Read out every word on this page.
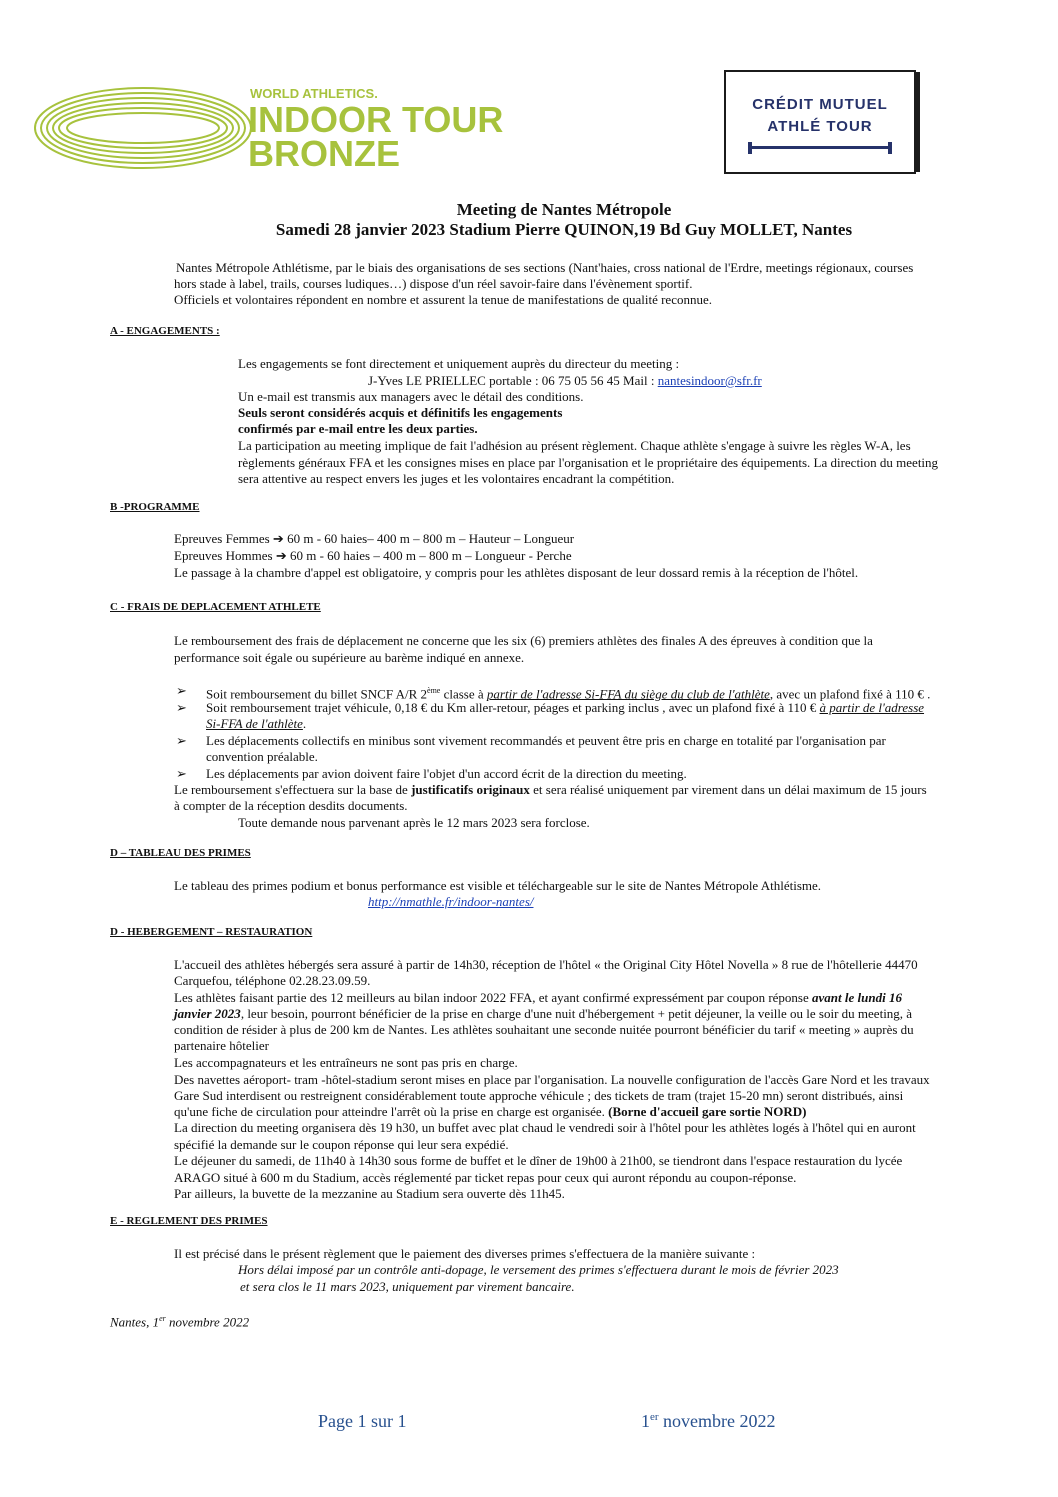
WORLD ATHLETICS.
INDOOR TOUR
BRONZE
CRÉDIT MUTUEL
ATHLÉ TOUR
Meeting de Nantes Métropole
Samedi 28 janvier 2023 Stadium Pierre QUINON,19 Bd Guy MOLLET, Nantes
Nantes Métropole Athlétisme, par le biais des organisations de ses sections (Nant'haies, cross national de l'Erdre, meetings régionaux, courses
hors stade à label, trails, courses ludiques…) dispose d'un réel savoir-faire dans l'évènement sportif.
Officiels et volontaires répondent en nombre et assurent la tenue de manifestations de qualité reconnue.
A - ENGAGEMENTS :
Les engagements se font directement et uniquement auprès du directeur du meeting :
J-Yves LE PRIELLEC portable : 06 75 05 56 45 Mail : nantesindoor@sfr.fr
Un e-mail est transmis aux managers avec le détail des conditions.
Seuls seront considérés acquis et définitifs les engagements
confirmés par e-mail entre les deux parties.
La participation au meeting implique de fait l'adhésion au présent règlement. Chaque athlète s'engage à suivre les règles W-A, les
règlements généraux FFA et les consignes mises en place par l'organisation et le propriétaire des équipements. La direction du meeting
sera attentive au respect envers les juges et les volontaires encadrant la compétition.
B -PROGRAMME
Epreuves Femmes ➔ 60 m - 60 haies– 400 m – 800 m – Hauteur – Longueur
Epreuves Hommes ➔ 60 m - 60 haies – 400 m – 800 m – Longueur - Perche
Le passage à la chambre d'appel est obligatoire, y compris pour les athlètes disposant de leur dossard remis à la réception de l'hôtel.
C - FRAIS DE DEPLACEMENT ATHLETE
Le remboursement des frais de déplacement ne concerne que les six (6) premiers athlètes des finales A des épreuves à condition que la
performance soit égale ou supérieure au barème indiqué en annexe.
➢ Soit remboursement du billet SNCF A/R 2ème classe à partir de l'adresse Si-FFA du siège du club de l'athlète, avec un plafond fixé à 110 € .
➢ Soit remboursement trajet véhicule, 0,18 € du Km aller-retour, péages et parking inclus , avec un plafond fixé à 110 € à partir de l'adresse
Si-FFA de l'athlète.
➢ Les déplacements collectifs en minibus sont vivement recommandés et peuvent être pris en charge en totalité par l'organisation par
convention préalable.
➢ Les déplacements par avion doivent faire l'objet d'un accord écrit de la direction du meeting.
Le remboursement s'effectuera sur la base de justificatifs originaux et sera réalisé uniquement par virement dans un délai maximum de 15 jours
à compter de la réception desdits documents.
Toute demande nous parvenant après le 12 mars 2023 sera forclose.
D – TABLEAU DES PRIMES
Le tableau des primes podium et bonus performance est visible et téléchargeable sur le site de Nantes Métropole Athlétisme.
http://nmathle.fr/indoor-nantes/
D - HEBERGEMENT – RESTAURATION
L'accueil des athlètes hébergés sera assuré à partir de 14h30, réception de l'hôtel « the Original City Hôtel Novella » 8 rue de l'hôtellerie 44470
Carquefou, téléphone 02.28.23.09.59.
Les athlètes faisant partie des 12 meilleurs au bilan indoor 2022 FFA, et ayant confirmé expressément par coupon réponse avant le lundi 16
janvier 2023, leur besoin, pourront bénéficier de la prise en charge d'une nuit d'hébergement + petit déjeuner, la veille ou le soir du meeting, à
condition de résider à plus de 200 km de Nantes. Les athlètes souhaitant une seconde nuitée pourront bénéficier du tarif « meeting » auprès du
partenaire hôtelier
Les accompagnateurs et les entraîneurs ne sont pas pris en charge.
Des navettes aéroport- tram -hôtel-stadium seront mises en place par l'organisation. La nouvelle configuration de l'accès Gare Nord et les travaux
Gare Sud interdisent ou restreignent considérablement toute approche véhicule ; des tickets de tram (trajet 15-20 mn) seront distribués, ainsi
qu'une fiche de circulation pour atteindre l'arrêt où la prise en charge est organisée. (Borne d'accueil gare sortie NORD)
La direction du meeting organisera dès 19 h30, un buffet avec plat chaud le vendredi soir à l'hôtel pour les athlètes logés à l'hôtel qui en auront
spécifié la demande sur le coupon réponse qui leur sera expédié.
Le déjeuner du samedi, de 11h40 à 14h30 sous forme de buffet et le dîner de 19h00 à 21h00, se tiendront dans l'espace restauration du lycée
ARAGO situé à 600 m du Stadium, accès réglementé par ticket repas pour ceux qui auront répondu au coupon-réponse.
Par ailleurs, la buvette de la mezzanine au Stadium sera ouverte dès 11h45.
E - REGLEMENT DES PRIMES
Il est précisé dans le présent règlement que le paiement des diverses primes s'effectuera de la manière suivante :
Hors délai imposé par un contrôle anti-dopage, le versement des primes s'effectuera durant le mois de février 2023
et sera clos le 11 mars 2023, uniquement par virement bancaire.
Nantes, 1er novembre 2022
Page 1 sur 1	1er novembre 2022
